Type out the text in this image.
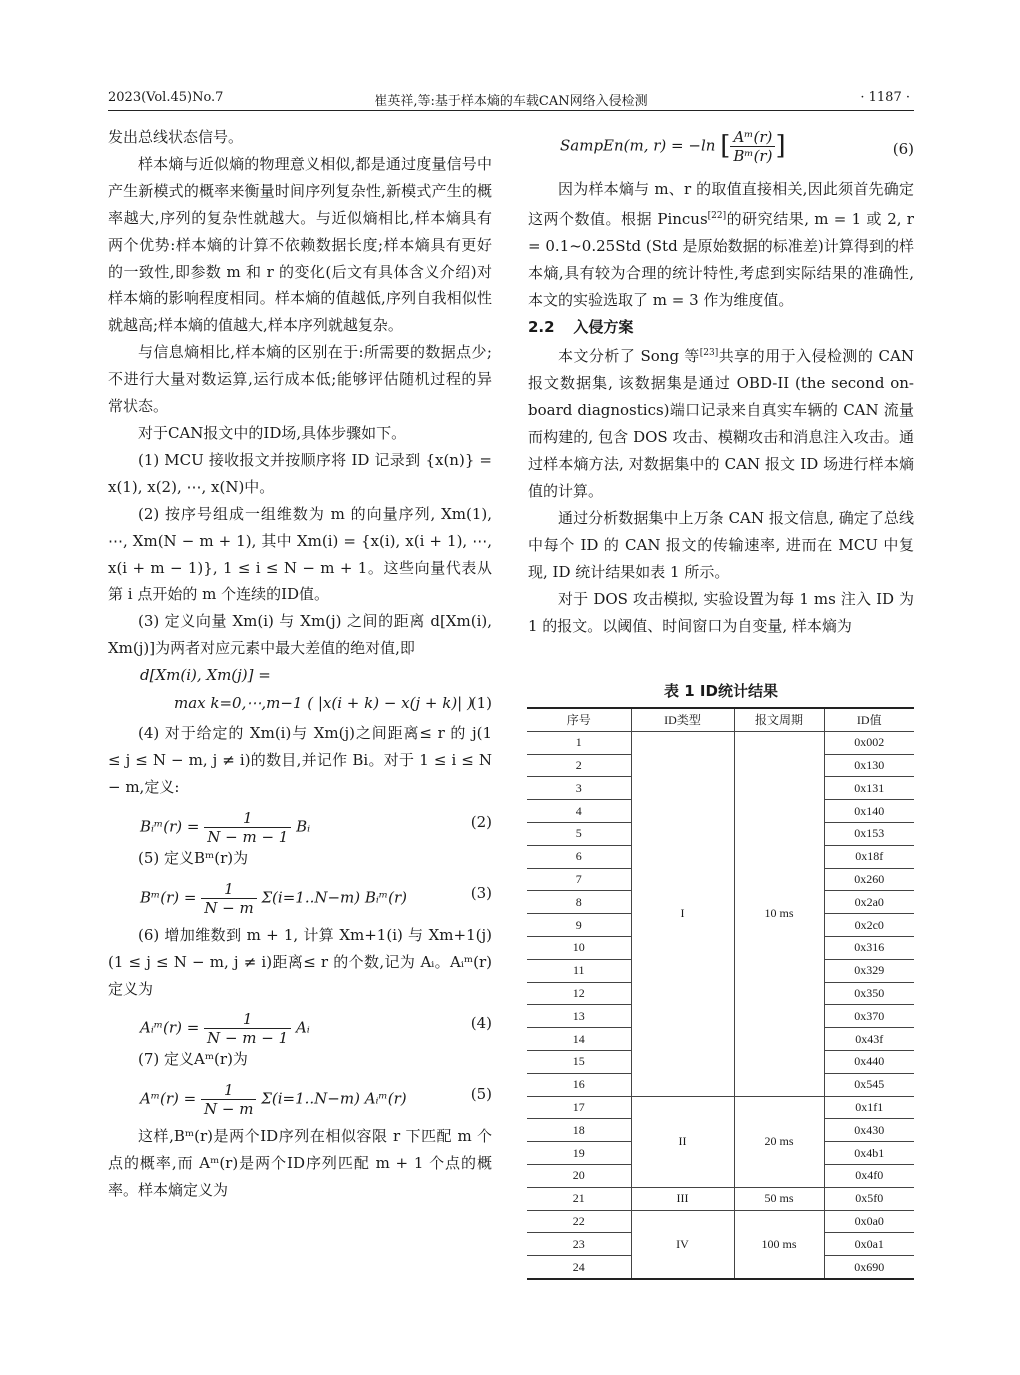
2023(Vol.45)No.7	崔英祥,等:基于样本熵的车载CAN网络入侵检测	· 1187 ·

发出总线状态信号。

样本熵与近似熵的物理意义相似,都是通过度量信号中产生新模式的概率来衡量时间序列复杂性,新模式产生的概率越大,序列的复杂性就越大。与近似熵相比,样本熵具有两个优势:样本熵的计算不依赖数据长度;样本熵具有更好的一致性,即参数 m 和 r 的变化(后文有具体含义介绍)对样本熵的影响程度相同。样本熵的值越低,序列自我相似性就越高;样本熵的值越大,样本序列就越复杂。

与信息熵相比,样本熵的区别在于:所需要的数据点少;不进行大量对数运算,运行成本低;能够评估随机过程的异常状态。

对于CAN报文中的ID场,具体步骤如下。

(1) MCU 接收报文并按顺序将 ID 记录到 {x(n)} = x(1), x(2), ⋯, x(N)中。

(2) 按序号组成一组维数为 m 的向量序列, Xm(1), ⋯, Xm(N − m + 1), 其中 Xm(i) = {x(i), x(i + 1), ⋯, x(i + m − 1)}, 1 ≤ i ≤ N − m + 1。这些向量代表从第 i 点开始的 m 个连续的ID值。

(3) 定义向量 Xm(i) 与 Xm(j) 之间的距离 d[Xm(i), Xm(j)]为两者对应元素中最大差值的绝对值,即

d[Xm(i), Xm(j)] =
max k=0,⋯,m−1 ( |x(i + k) − x(j + k)| )
(1)

(4) 对于给定的 Xm(i)与 Xm(j)之间距离≤ r 的 j(1 ≤ j ≤ N − m, j ≠ i)的数目,并记作 Bi。对于 1 ≤ i ≤ N − m,定义:

Bᵢᵐ(r) = $\frac{1}{N - m - 1}$ Bᵢ	(2)

(5) 定义Bᵐ(r)为

Bᵐ(r) = $\frac{1}{N - m} \Sigma(i=1..N-m)$ Bᵢᵐ(r)	(3)

(6) 增加维数到 m + 1, 计算 Xm+1(i) 与 Xm+1(j)(1 ≤ j ≤ N − m, j ≠ i)距离≤ r 的个数,记为 Aᵢ。Aᵢᵐ(r)定义为

Aᵢᵐ(r) = $\frac{1}{N - m - 1}$ Aᵢ	(4)

(7) 定义Aᵐ(r)为

Aᵐ(r) = $\frac{1}{N - m} \Sigma(i=1..N-m)$ Aᵢᵐ(r)	(5)

这样,Bᵐ(r)是两个ID序列在相似容限 r 下匹配 m 个点的概率,而 Aᵐ(r)是两个ID序列匹配 m + 1 个点的概率。样本熵定义为

SampEn(m, r) = −ln [ $\frac{\text{Aᵐ(r)}}{\text{Bᵐ(r)}}$ ]	(6)

因为样本熵与 m、r 的取值直接相关,因此须首先确定这两个数值。根据 Pincus[22]的研究结果, m = 1 或 2, r = 0.1~0.25Std (Std 是原始数据的标准差)计算得到的样本熵,具有较为合理的统计特性,考虑到实际结果的准确性,本文的实验选取了 m = 3 作为维度值。

2.2 入侵方案

本文分析了 Song 等[23]共享的用于入侵检测的 CAN 报文数据集, 该数据集是通过 OBD-II (the second on-board diagnostics)端口记录来自真实车辆的 CAN 流量而构建的, 包含 DOS 攻击、模糊攻击和消息注入攻击。通过样本熵方法, 对数据集中的 CAN 报文 ID 场进行样本熵值的计算。

通过分析数据集中上万条 CAN 报文信息, 确定了总线中每个 ID 的 CAN 报文的传输速率, 进而在 MCU 中复现, ID 统计结果如表 1 所示。

对于 DOS 攻击模拟, 实验设置为每 1 ms 注入 ID 为 1 的报文。以阈值、时间窗口为自变量, 样本熵为

表 1 ID统计结果
序号	ID类型	报文周期	ID值
1	I	10 ms	0x002
2			0x130
3			0x131
4			0x140
5			0x153
6			0x18f
7			0x260
8			0x2a0
9			0x2c0
10			0x316
11			0x329
12			0x350
13			0x370
14			0x43f
15			0x440
16			0x545
17	II	20 ms	0x1f1
18			0x430
19			0x4b1
20			0x4f0
21	III	50 ms	0x5f0
22	IV	100 ms	0x0a0
23			0x0a1
24			0x690
